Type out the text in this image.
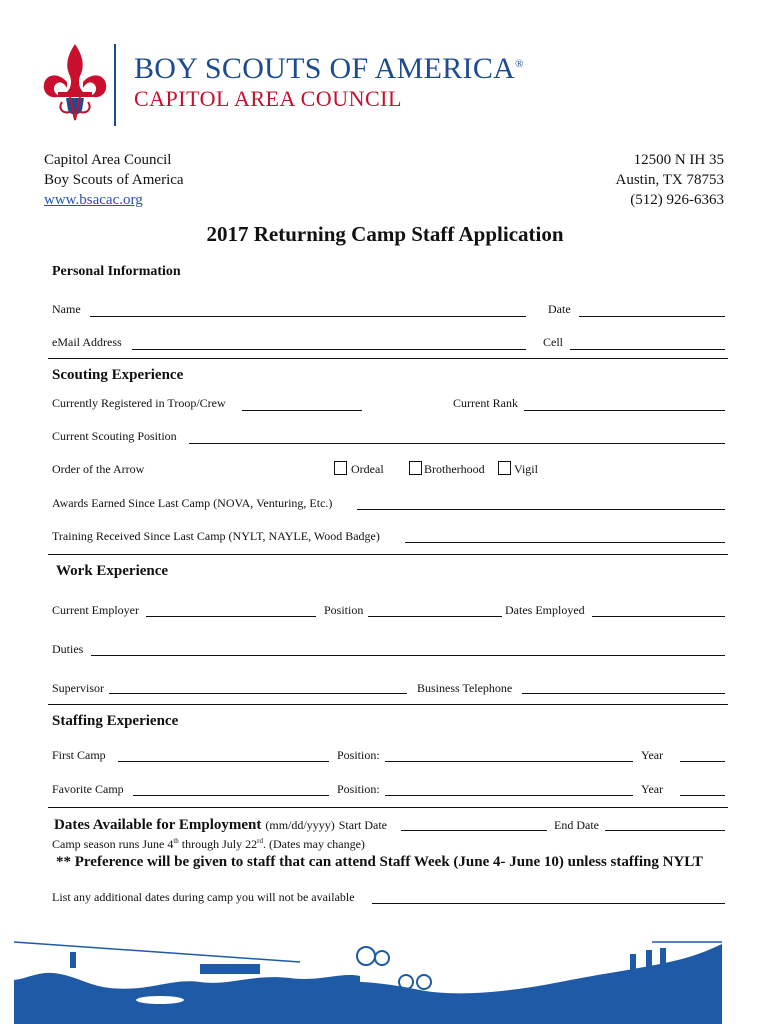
BOY SCOUTS OF AMERICA®
CAPITOL AREA COUNCIL
Capitol Area Council
Boy Scouts of America
www.bsacac.org
12500 N IH 35
Austin, TX 78753
(512) 926-6363
2017 Returning Camp Staff Application
Personal Information
Name	Date
eMail Address	Cell
Scouting Experience
Currently Registered in Troop/Crew	Current Rank
Current Scouting Position
Order of the Arrow	Ordeal	Brotherhood Vigil
Awards Earned Since Last Camp (NOVA, Venturing, Etc.)
Training Received Since Last Camp (NYLT, NAYLE, Wood Badge)
Work Experience
Current Employer	Position	Dates Employed
Duties
Supervisor	Business Telephone
Staffing Experience
First Camp	Position:	Year
Favorite Camp	Position:	Year
Dates Available for Employment (mm/dd/yyyy) Start Date	End Date
Camp season runs June 4th through July 22rd. (Dates may change)
** Preference will be given to staff that can attend Staff Week (June 4- June 10) unless staffing NYLT
List any additional dates during camp you will not be available
